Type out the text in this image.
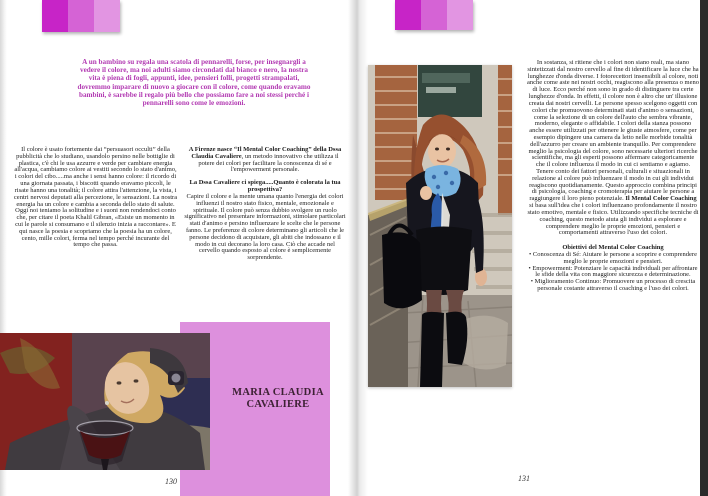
A un bambino su regala una scatola di pennarelli, forse, per insegnargli a vedere il colore, ma noi adulti siamo circondati dal bianco e nero, la nostra vita è piena di fogli, appunti, idee, pensieri folli, progetti strampalati, dovremmo imparare di nuovo a giocare con il colore, come quando eravamo bambini, è sarebbe il regalo più bello che possiamo fare a noi stessi perché i pennarelli sono come le emozioni.
Il colore è usato fortemente dai “persuasori occulti” della pubblicità che lo studiano, usandolo persino nelle bottiglie di plastica, c'è chi le usa azzurre e verde per cambiare energia all'acqua, cambiamo colore ai vestiti secondo lo stato d'animo, i colori del cibo.....ma anche i sensi hanno colore: il ricordo di una giornata passata, i biscotti quando eravamo piccoli, le risate hanno una tonalità; il colore attira l'attenzione, la vista, i centri nervosi deputati alla percezione, le sensazioni. La nostra energia ha un colore e cambia a seconda dello stato di salute. Oggi noi teniamo la solitudine e i suoni non rendendoci conto che, per citare il poeta Khalil Gibran, «Esiste un momento in cui le parole si consumano e il silenzio inizia a raccontare». E qui nasce la poesia e scopriamo che la poesia ha un colore, cento, mille colori, ferma nel tempo perché incurante del tempo che passa.

A Firenze nasce “Il Mental Color Coaching” della Dssa Claudia Cavaliere, un metodo innovativo che utilizza il potere dei colori per facilitare la conoscenza di sé e l'empowerment personale.

La Dssa Cavaliere ci spiega.....Quanto è colorata la tua prospettiva?

Capire il colore e la mente umana quanto l'energia dei colori influenzi il nostro stato fisico, mentale, emozionale e spirituale. Il colore può senza dubbio svolgere un ruolo significativo nel presentare informazioni, stimolare particolari stati d'animo e persino influenzare le scelte che le persone fanno. Le preferenze di colore determinano gli articoli che le persone decidono di acquistare, gli abiti che indossano e il modo in cui decorano la loro casa. Ciò che accade nel cervello quando esposto al colore è semplicemente sorprendente.

MARIA CLAUDIA CAVALIERE
130	131

In sostanza, si ritiene che i colori non siano reali, ma siano sintetizzati dal nostro cervello al fine di identificare la luce che ha lunghezze d'onda diverse. I fotorecettori insensibili al colore, noti anche come aste nei nostri occhi, reagiscono alla presenza o meno di luce. Ecco perché non sono in grado di distinguere tra certe lunghezze d'onda. In effetti, il colore non è altro che un' illusione creata dai nostri cervelli. Le persone spesso scelgono oggetti con colori che promuovono determinati stati d'animo o sensazioni, come la selezione di un colore dell'auto che sembra vibrante, moderno, elegante o affidabile. I colori della stanza possono anche essere utilizzati per ottenere le giuste atmosfere, come per esempio dipingere una camera da letto nelle morbide tonalità dell'azzurro per creare un ambiente tranquillo. Per comprendere meglio la psicologia del colore, sono necessarie ulteriori ricerche scientifiche, ma gli esperti possono affermare categoricamente che il colore influenza il modo in cui ci sentiamo e agiamo. Tenere conto dei fattori personali, culturali e situazionali in relazione al colore può influenzare il modo in cui gli individui reagiscono quotidianamente. Questo approccio combina principi di psicologia, coaching e cromoterapia per aiutare le persone a raggiungere il loro pieno potenziale. Il Mental Color Coaching si basa sull'idea che i colori influenzano profondamente il nostro stato emotivo, mentale e fisico. Utilizzando specifiche tecniche di coaching, questo metodo aiuta gli individui a esplorare e comprendere meglio le proprie emozioni, pensieri e comportamenti attraverso l'uso dei colori.

Obiettivi del Mental Color Coaching

• Conoscenza di Sé: Aiutare le persone a scoprire e comprendere meglio le proprie emozioni e pensieri.

• Empowerment: Potenziare le capacità individuali per affrontare le sfide della vita con maggiore sicurezza e determinazione.

• Miglioramento Continuo: Promuovere un processo di crescita personale costante attraverso il coaching e l'uso dei colori.
